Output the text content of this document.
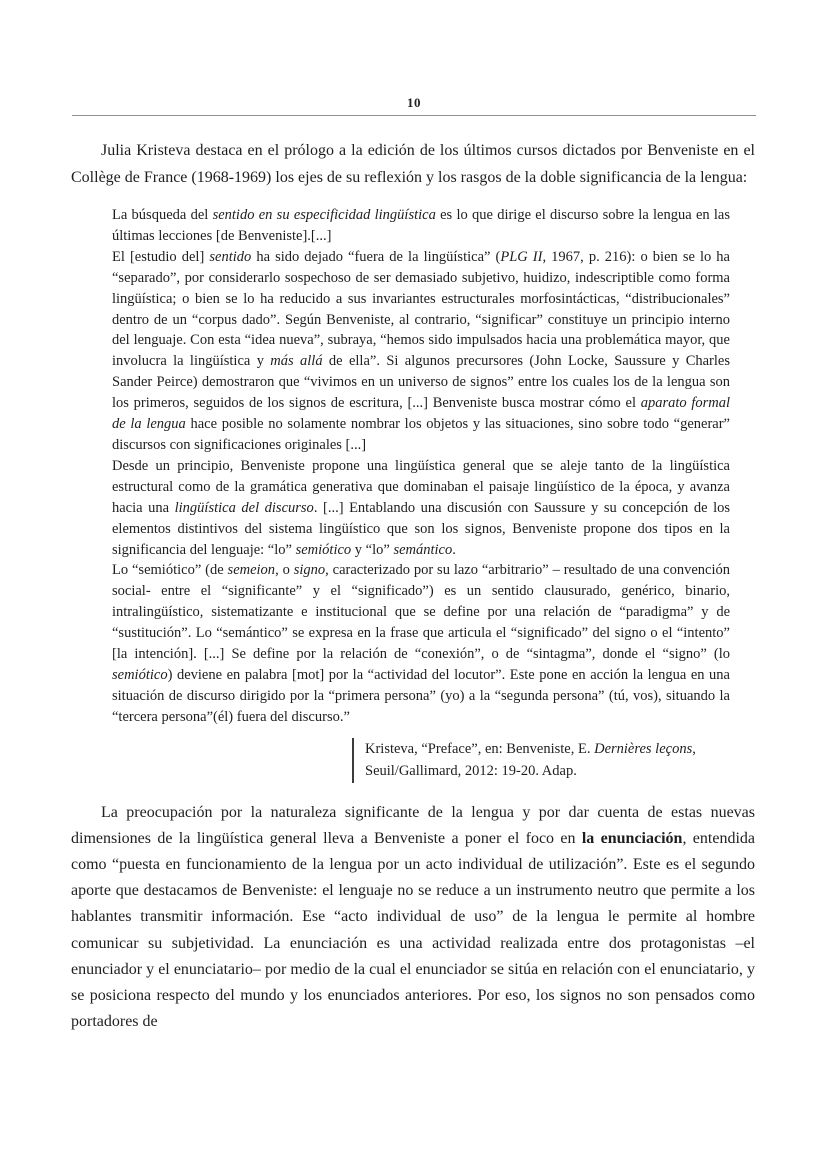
10

Julia Kristeva destaca en el prólogo a la edición de los últimos cursos dictados por Benveniste en el Collège de France (1968-1969) los ejes de su reflexión y los rasgos de la doble significancia de la lengua:

La búsqueda del sentido en su especificidad lingüística es lo que dirige el discurso sobre la lengua en las últimas lecciones [de Benveniste].[...]

El [estudio del] sentido ha sido dejado “fuera de la lingüística” (PLG II, 1967, p. 216): o bien se lo ha “separado”, por considerarlo sospechoso de ser demasiado subjetivo, huidizo, indescriptible como forma lingüística; o bien se lo ha reducido a sus invariantes estructurales morfosintácticas, “distribucionales” dentro de un “corpus dado”. Según Benveniste, al contrario, “significar” constituye un principio interno del lenguaje. Con esta “idea nueva”, subraya, “hemos sido impulsados hacia una problemática mayor, que involucra la lingüística y más allá de ella”. Si algunos precursores (John Locke, Saussure y Charles Sander Peirce) demostraron que “vivimos en un universo de signos” entre los cuales los de la lengua son los primeros, seguidos de los signos de escritura, [...] Benveniste busca mostrar cómo el aparato formal de la lengua hace posible no solamente nombrar los objetos y las situaciones, sino sobre todo “generar” discursos con significaciones originales [...]

Desde un principio, Benveniste propone una lingüística general que se aleje tanto de la lingüística estructural como de la gramática generativa que dominaban el paisaje lingüístico de la época, y avanza hacia una lingüística del discurso. [...] Entablando una discusión con Saussure y su concepción de los elementos distintivos del sistema lingüístico que son los signos, Benveniste propone dos tipos en la significancia del lenguaje: “lo” semiótico y “lo” semántico.

Lo “semiótico” (de semeion, o signo, caracterizado por su lazo “arbitrario” – resultado de una convención social- entre el “significante” y el “significado”) es un sentido clausurado, genérico, binario, intralingüístico, sistematizante e institucional que se define por una relación de “paradigma” y de “sustitución”. Lo “semántico” se expresa en la frase que articula el “significado” del signo o el “intento” [la intención]. [...] Se define por la relación de “conexión”, o de “sintagma”, donde el “signo” (lo semiótico) deviene en palabra [mot] por la “actividad del locutor”. Este pone en acción la lengua en una situación de discurso dirigido por la “primera persona” (yo) a la “segunda persona” (tú, vos), situando la “tercera persona”(él) fuera del discurso.”

Kristeva, “Preface”, en: Benveniste, E. Dernières leçons, Seuil/Gallimard, 2012: 19-20. Adap.

La preocupación por la naturaleza significante de la lengua y por dar cuenta de estas nuevas dimensiones de la lingüística general lleva a Benveniste a poner el foco en la enunciación, entendida como “puesta en funcionamiento de la lengua por un acto individual de utilización”. Este es el segundo aporte que destacamos de Benveniste: el lenguaje no se reduce a un instrumento neutro que permite a los hablantes transmitir información. Ese “acto individual de uso” de la lengua le permite al hombre comunicar su subjetividad. La enunciación es una actividad realizada entre dos protagonistas –el enunciador y el enunciatario– por medio de la cual el enunciador se sitúa en relación con el enunciatario, y se posiciona respecto del mundo y los enunciados anteriores. Por eso, los signos no son pensados como portadores de
